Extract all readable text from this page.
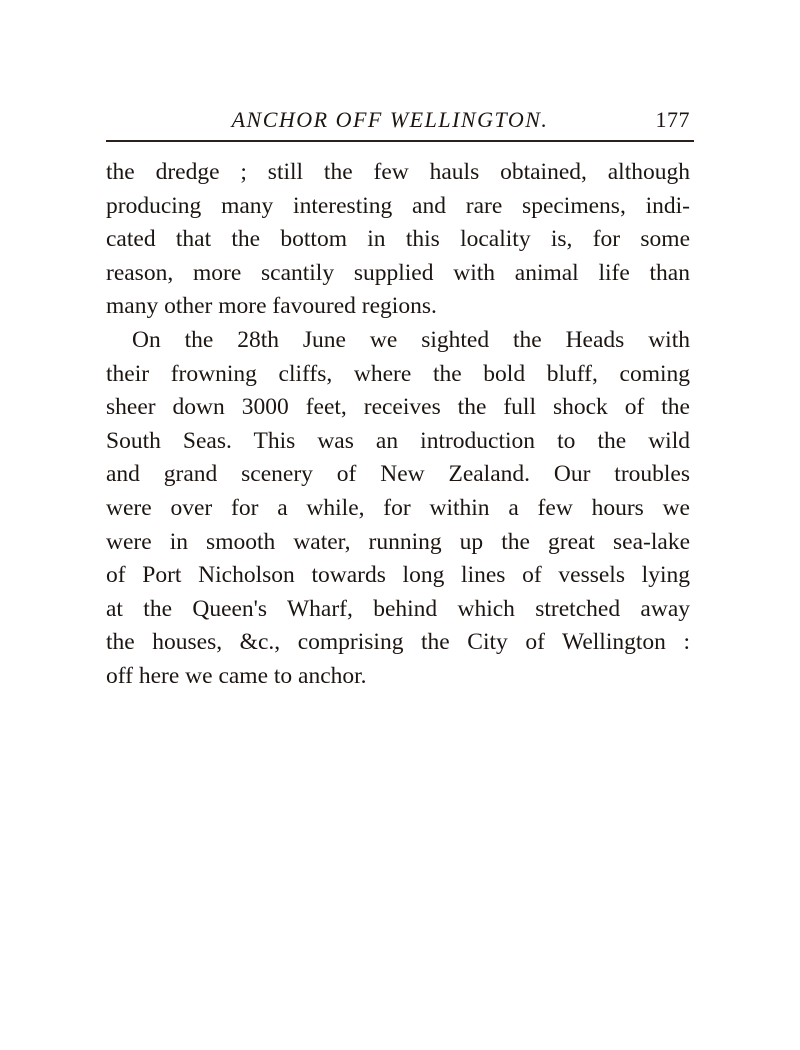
ANCHOR OFF WELLINGTON.	177
the dredge ; still the few hauls obtained, although
producing many interesting and rare specimens, indi-
cated that the bottom in this locality is, for some
reason, more scantily supplied with animal life than
many other more favoured regions.
On the 28th June we sighted the Heads with
their frowning cliffs, where the bold bluff, coming
sheer down 3000 feet, receives the full shock of the
South Seas. This was an introduction to the wild
and grand scenery of New Zealand. Our troubles
were over for a while, for within a few hours we
were in smooth water, running up the great sea-lake
of Port Nicholson towards long lines of vessels lying
at the Queen's Wharf, behind which stretched away
the houses, &c., comprising the City of Wellington :
off here we came to anchor.
